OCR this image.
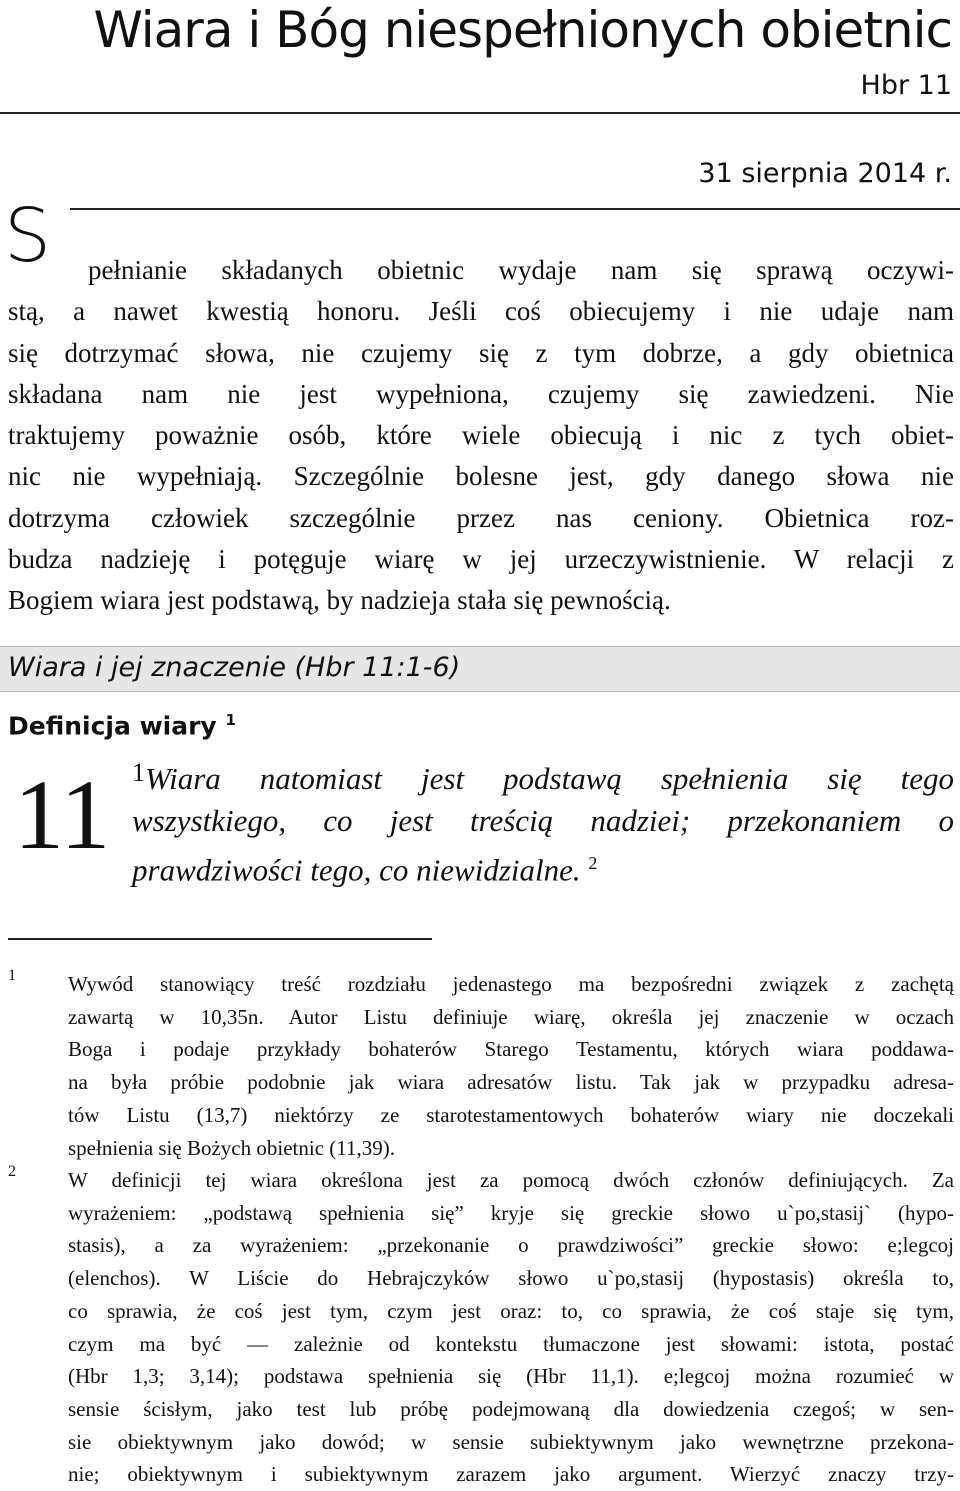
Wiara i Bóg niespełnionych obietnic
Hbr 11
31 sierpnia 2014 r.
S	pełnianie składanych obietnic wydaje nam się sprawą oczywi-
stą, a nawet kwestią honoru. Jeśli coś obiecujemy i nie udaje nam
się dotrzymać słowa, nie czujemy się z tym dobrze, a gdy obietnica
składana nam nie jest wypełniona, czujemy się zawiedzeni. Nie
traktujemy poważnie osób, które wiele obiecują i nic z tych obiet-
nic nie wypełniają. Szczególnie bolesne jest, gdy danego słowa nie
dotrzyma człowiek szczególnie przez nas ceniony. Obietnica roz-
budza nadzieję i potęguje wiarę w jej urzeczywistnienie. W relacji z
Bogiem wiara jest podstawą, by nadzieja stała się pewnością.
Wiara i jej znaczenie (Hbr 11:1-6)
Definicja wiary $^1$
11 $^1$Wiara natomiast jest podstawą spełnienia się tego
wszystkiego, co jest treścią nadziei; przekonaniem o
prawdziwości tego, co niewidzialne. $^2$
1 Wywód stanowiący treść rozdziału jedenastego ma bezpośredni związek z zachętą
zawartą w 10,35n. Autor Listu definiuje wiarę, określa jej znaczenie w oczach
Boga i podaje przykłady bohaterów Starego Testamentu, których wiara poddawa-
na była próbie podobnie jak wiara adresatów listu. Tak jak w przypadku adresa-
tów Listu (13,7) niektórzy ze starotestamentowych bohaterów wiary nie doczekali
spełnienia się Bożych obietnic (11,39).
2 W definicji tej wiara określona jest za pomocą dwóch członów definiujących. Za
wyrażeniem: „podstawą spełnienia się” kryje się greckie słowo u`po,stasij` (hypo-
stasis), a za wyrażeniem: „przekonanie o prawdziwości” greckie słowo: e;legcoj
(elenchos). W Liście do Hebrajczyków słowo u`po,stasij (hypostasis) określa to,
co sprawia, że coś jest tym, czym jest oraz: to, co sprawia, że coś staje się tym,
czym ma być — zależnie od kontekstu tłumaczone jest słowami: istota, postać
(Hbr 1,3; 3,14); podstawa spełnienia się (Hbr 11,1). e;legcoj można rozumieć w
sensie ścisłym, jako test lub próbę podejmowaną dla dowiedzenia czegoś; w sen-
sie obiektywnym jako dowód; w sensie subiektywnym jako wewnętrzne przekona-
nie; obiektywnym i subiektywnym zarazem jako argument. Wierzyć znaczy trzy-
